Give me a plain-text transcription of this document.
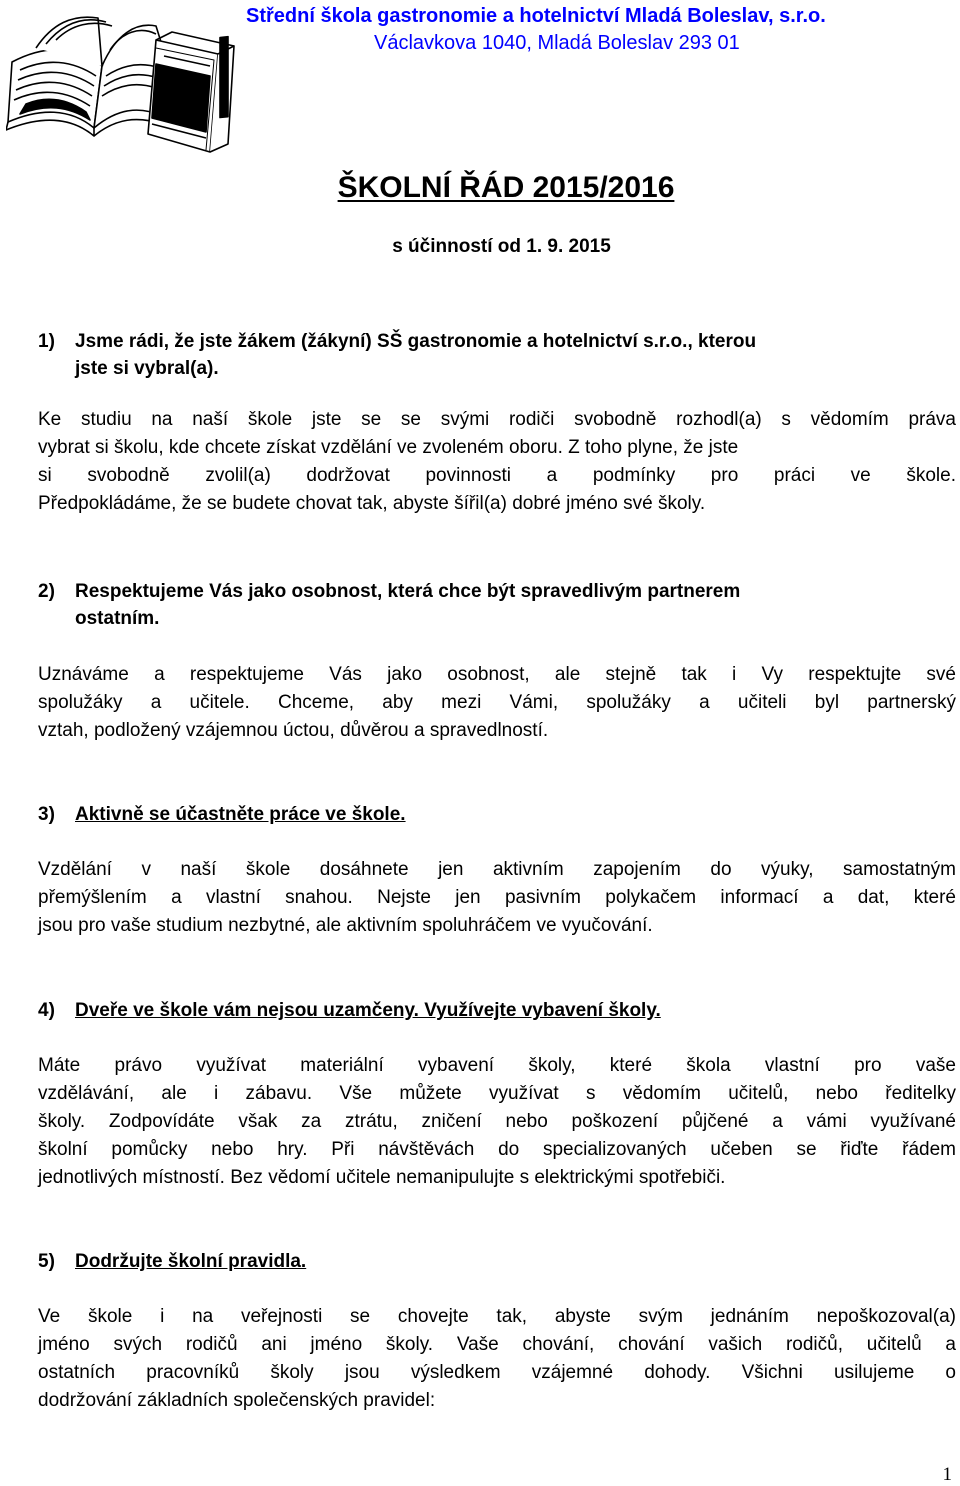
Střední škola gastronomie a hotelnictví Mladá Boleslav, s.r.o.
Václavkova 1040, Mladá Boleslav 293 01
ŠKOLNÍ ŘÁD 2015/2016
s účinností od 1. 9. 2015
1) Jsme rádi, že jste žákem (žákyní) SŠ gastronomie a hotelnictví s.r.o., kterou
jste si vybral(a).
Ke studiu na naší škole jste se se svými rodiči svobodně rozhodl(a) s vědomím práva
vybrat si školu, kde chcete získat vzdělání ve zvoleném oboru. Z toho plyne, že jste
si svobodně zvolil(a) dodržovat povinnosti a podmínky pro práci ve škole.
Předpokládáme, že se budete chovat tak, abyste šířil(a) dobré jméno své školy.
2) Respektujeme Vás jako osobnost, která chce být spravedlivým partnerem
ostatním.
Uznáváme a respektujeme Vás jako osobnost, ale stejně tak i Vy respektujte své
spolužáky a učitele. Chceme, aby mezi Vámi, spolužáky a učiteli byl partnerský
vztah, podložený vzájemnou úctou, důvěrou a spravedlností.
3) Aktivně se účastněte práce ve škole.
Vzdělání v naší škole dosáhnete jen aktivním zapojením do výuky, samostatným
přemýšlením a vlastní snahou. Nejste jen pasivním polykačem informací a dat, které
jsou pro vaše studium nezbytné, ale aktivním spoluhráčem ve vyučování.
4) Dveře ve škole vám nejsou uzamčeny. Využívejte vybavení školy.
Máte právo využívat materiální vybavení školy, které škola vlastní pro vaše
vzdělávání, ale i zábavu. Vše můžete využívat s vědomím učitelů, nebo ředitelky
školy. Zodpovídáte však za ztrátu, zničení nebo poškození půjčené a vámi využívané
školní pomůcky nebo hry. Při návštěvách do specializovaných učeben se řiďte řádem
jednotlivých místností. Bez vědomí učitele nemanipulujte s elektrickými spotřebiči.
5) Dodržujte školní pravidla.
Ve škole i na veřejnosti se chovejte tak, abyste svým jednáním nepoškozoval(a)
jméno svých rodičů ani jméno školy. Vaše chování, chování vašich rodičů, učitelů a
ostatních pracovníků školy jsou výsledkem vzájemné dohody. Všichni usilujeme o
dodržování základních společenských pravidel:
1
